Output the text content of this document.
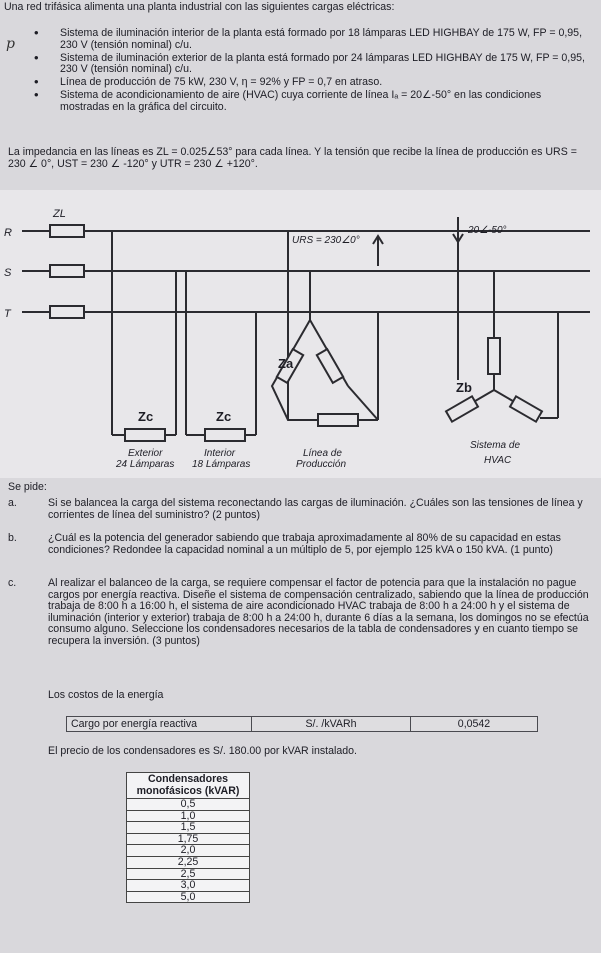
Una red trifásica alimenta una planta industrial con las siguientes cargas eléctricas:
p
• Sistema de iluminación interior de la planta está formado por 18 lámparas LED HIGHBAY de 175 W, FP = 0,95, 230 V (tensión nominal) c/u.
• Sistema de iluminación exterior de la planta está formado por 24 lámparas LED HIGHBAY de 175 W, FP = 0,95, 230 V (tensión nominal) c/u.
• Línea de producción de 75 kW, 230 V, η = 92% y FP = 0,7 en atraso.
• Sistema de acondicionamiento de aire (HVAC) cuya corriente de línea Iₐ = 20∠-50° en las condiciones mostradas en la gráfica del circuito.
La impedancia en las líneas es ZL = 0.025∠53° para cada línea. Y la tensión que recibe la línea de producción es URS = 230 ∠ 0°, UST = 230 ∠ -120° y UTR = 230 ∠ +120°.
R
S
T
ZL
URS = 230∠0°
20∠-50°
Za
Zb
Zc	Zc
Exterior
24 Lámparas
Interior
18 Lámparas
Línea de
Producción
Sistema de
HVAC
Se pide:
a.	Si se balancea la carga del sistema reconectando las cargas de iluminación. ¿Cuáles son las tensiones de línea y corrientes de línea del suministro? (2 puntos)
b.	¿Cuál es la potencia del generador sabiendo que trabaja aproximadamente al 80% de su capacidad en estas condiciones? Redondee la capacidad nominal a un múltiplo de 5, por ejemplo 125 kVA o 150 kVA. (1 punto)
c.	Al realizar el balanceo de la carga, se requiere compensar el factor de potencia para que la instalación no pague cargos por energía reactiva. Diseñe el sistema de compensación centralizado, sabiendo que la línea de producción trabaja de 8:00 h a 16:00 h, el sistema de aire acondicionado HVAC trabaja de 8:00 h a 24:00 h y el sistema de iluminación (interior y exterior) trabaja de 8:00 h a 24:00 h, durante 6 días a la semana, los domingos no se efectúa consumo alguno. Seleccione los condensadores necesarios de la tabla de condensadores y en cuanto tiempo se recupera la inversión. (3 puntos)
Los costos de la energía
Cargo por energía reactiva	S/. /kVARh	0,0542
El precio de los condensadores es S/. 180.00 por kVAR instalado.
Condensadores monofásicos (kVAR)
0,5
1,0
1,5
1,75
2,0
2,25
2,5
3,0
5,0
